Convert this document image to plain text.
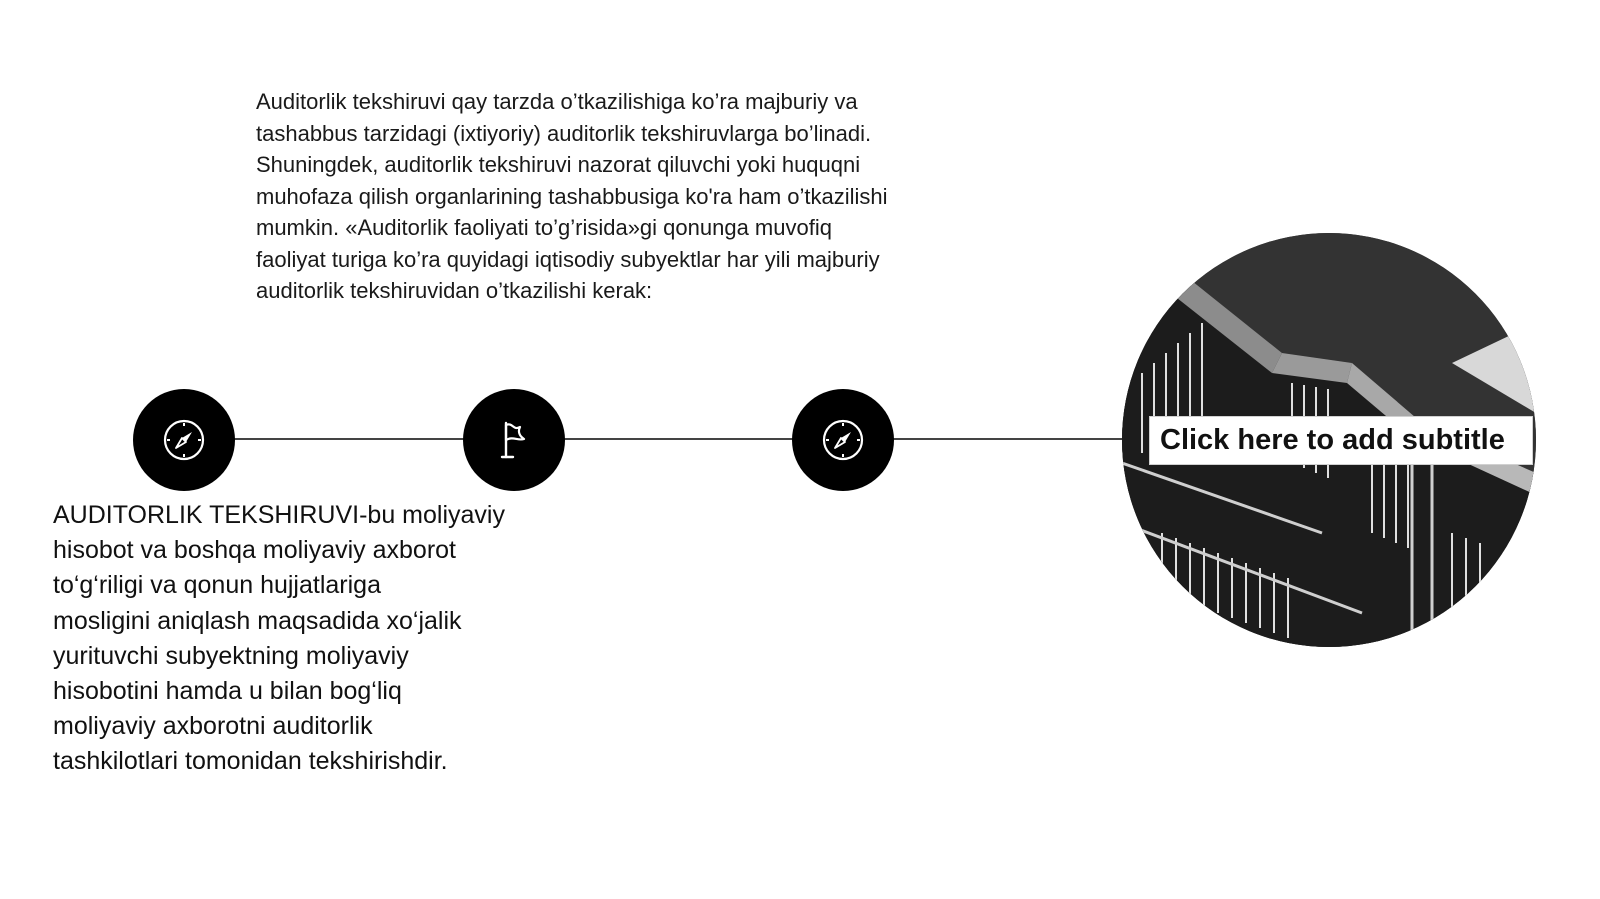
Auditorlik tekshiruvi qay tarzda o’tkazilishiga ko’ra majburiy va
tashabbus tarzidagi (ixtiyoriy) auditorlik tekshiruvlarga bo’linadi.
Shuningdek, auditorlik tekshiruvi nazorat qiluvchi yoki huquqni
muhofaza qilish organlarining tashabbusiga ko'ra ham o’tkazilishi
mumkin. «Auditorlik faoliyati to’g’risida»gi qonunga muvofiq
faoliyat turiga ko’ra quyidagi iqtisodiy subyektlar har yili majburiy
auditorlik tekshiruvidan o’tkazilishi kerak:

AUDITORLIK TEKSHIRUVI-bu moliyaviy
hisobot va boshqa moliyaviy axborot
to‘g‘riligi va qonun hujjatlariga
mosligini aniqlash maqsadida xo‘jalik
yurituvchi subyektning moliyaviy
hisobotini hamda u bilan bog‘liq
moliyaviy axborotni auditorlik
tashkilotlari tomonidan tekshirishdir.

Click here to add subtitle
